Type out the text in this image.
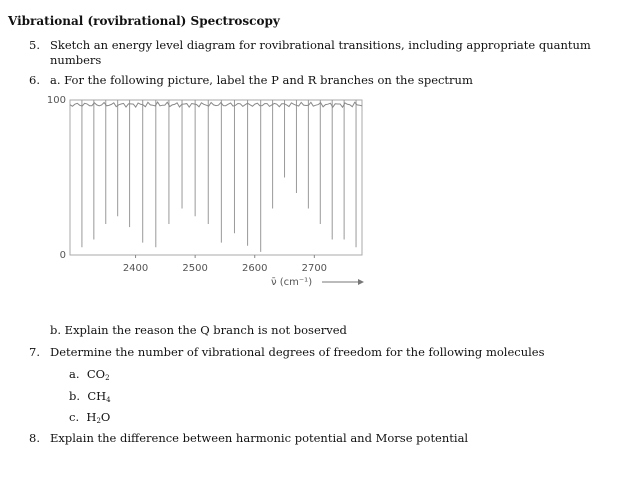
Vibrational (rovibrational) Spectroscopy
5. Sketch an energy level diagram for rovibrational transitions, including appropriate quantum
numbers
6. a. For the following picture, label the P and R branches on the spectrum
0
100
2400	2500	2600	2700
ν̄ (cm⁻¹)
b. Explain the reason the Q branch is not boserved
7. Determine the number of vibrational degrees of freedom for the following molecules
a. $CO_2$
b. $CH_4$
c. $H_2O$
8. Explain the difference between harmonic potential and Morse potential
